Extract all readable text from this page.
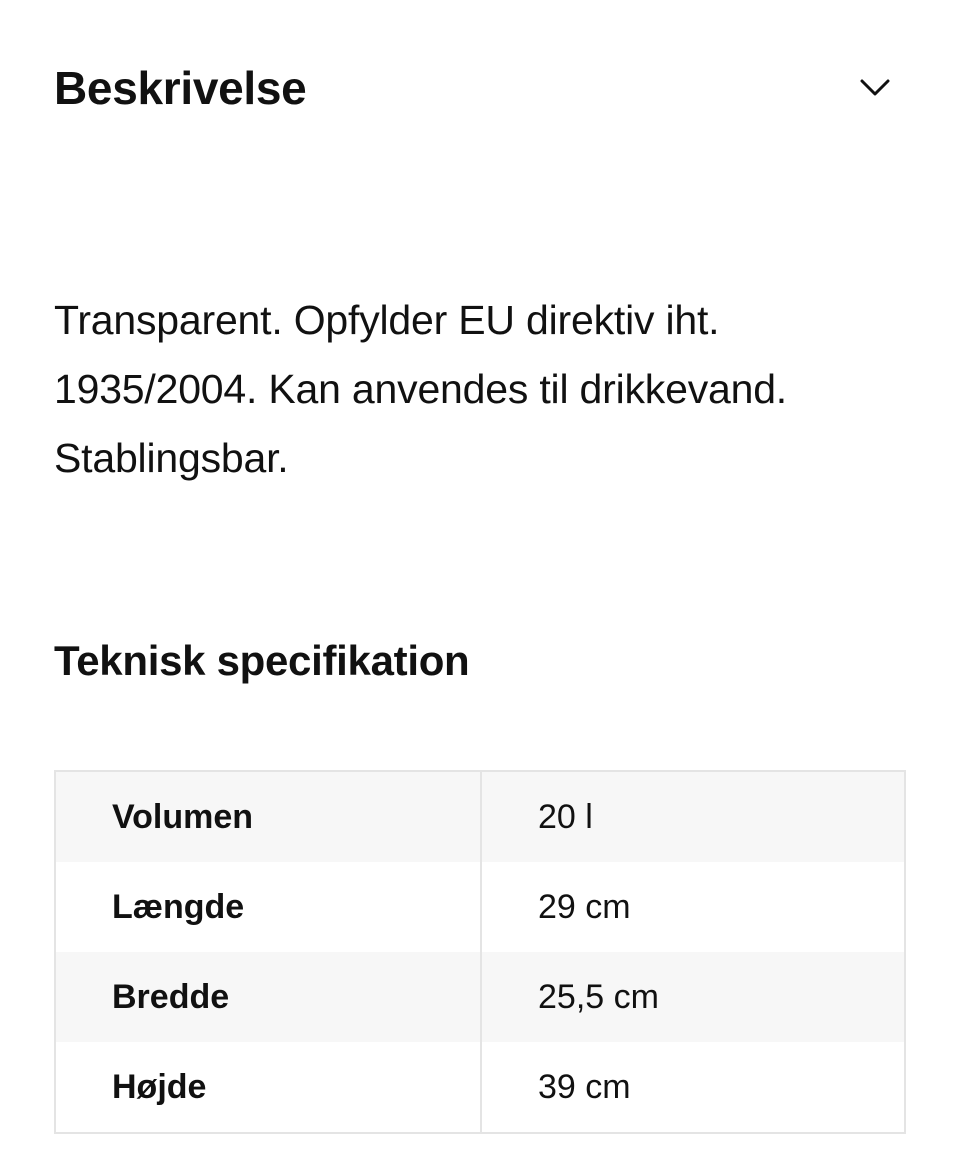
Beskrivelse

Transparent. Opfylder EU direktiv iht. 1935/2004. Kan anvendes til drikkevand. Stablingsbar.

Teknisk specifikation
Volumen	20 l
Længde	29 cm
Bredde	25,5 cm
Højde	39 cm
